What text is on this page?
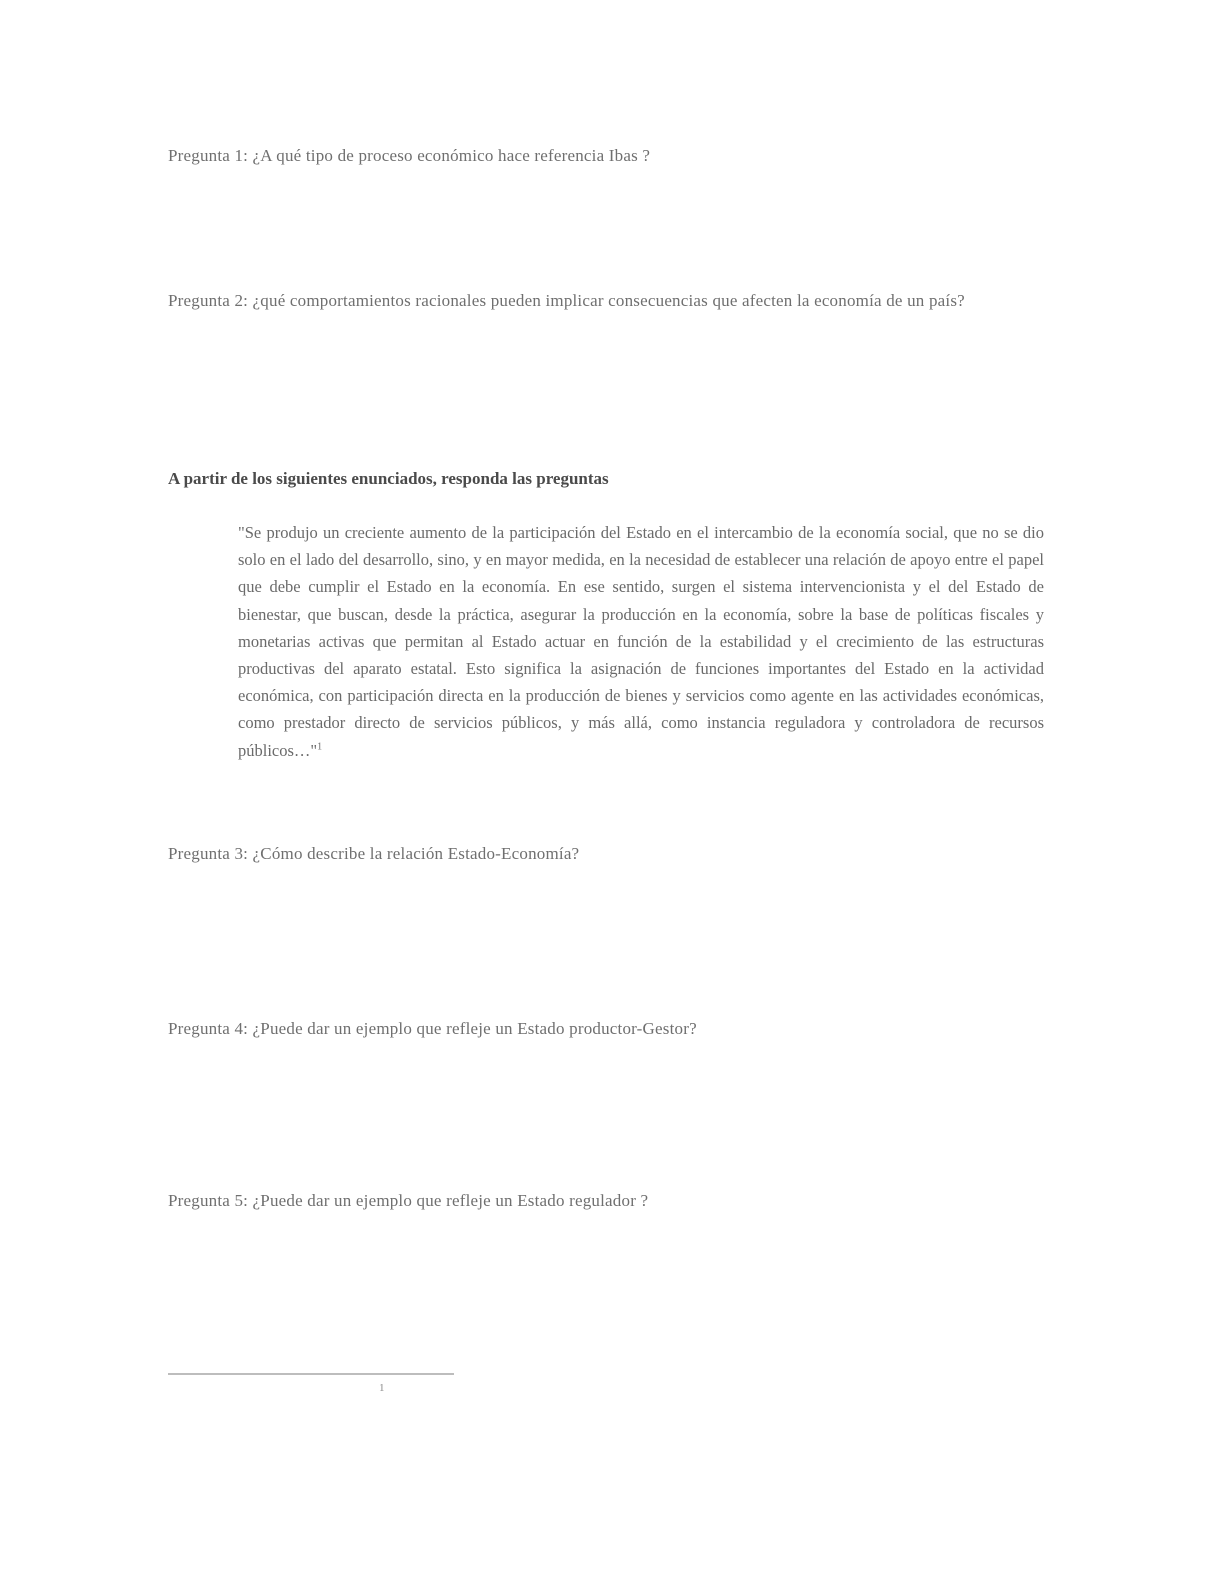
Pregunta 1: ¿A qué tipo de proceso económico hace referencia Ibas ?

Pregunta 2: ¿qué comportamientos racionales pueden implicar consecuencias que afecten la economía de un país?

A partir de los siguientes enunciados, responda las preguntas

"Se produjo un creciente aumento de la participación del Estado en el intercambio de la economía social, que no se dio solo en el lado del desarrollo, sino, y en mayor medida, en la necesidad de establecer una relación de apoyo entre el papel que debe cumplir el Estado en la economía. En ese sentido, surgen el sistema intervencionista y el del Estado de bienestar, que buscan, desde la práctica, asegurar la producción en la economía, sobre la base de políticas fiscales y monetarias activas que permitan al Estado actuar en función de la estabilidad y el crecimiento de las estructuras productivas del aparato estatal. Esto significa la asignación de funciones importantes del Estado en la actividad económica, con participación directa en la producción de bienes y servicios como agente en las actividades económicas, como prestador directo de servicios públicos, y más allá, como instancia reguladora y controladora de recursos públicos…"$^1$

Pregunta 3: ¿Cómo describe la relación Estado-Economía?

Pregunta 4: ¿Puede dar un ejemplo que refleje un Estado productor-Gestor?

Pregunta 5: ¿Puede dar un ejemplo que refleje un Estado regulador ?

1
